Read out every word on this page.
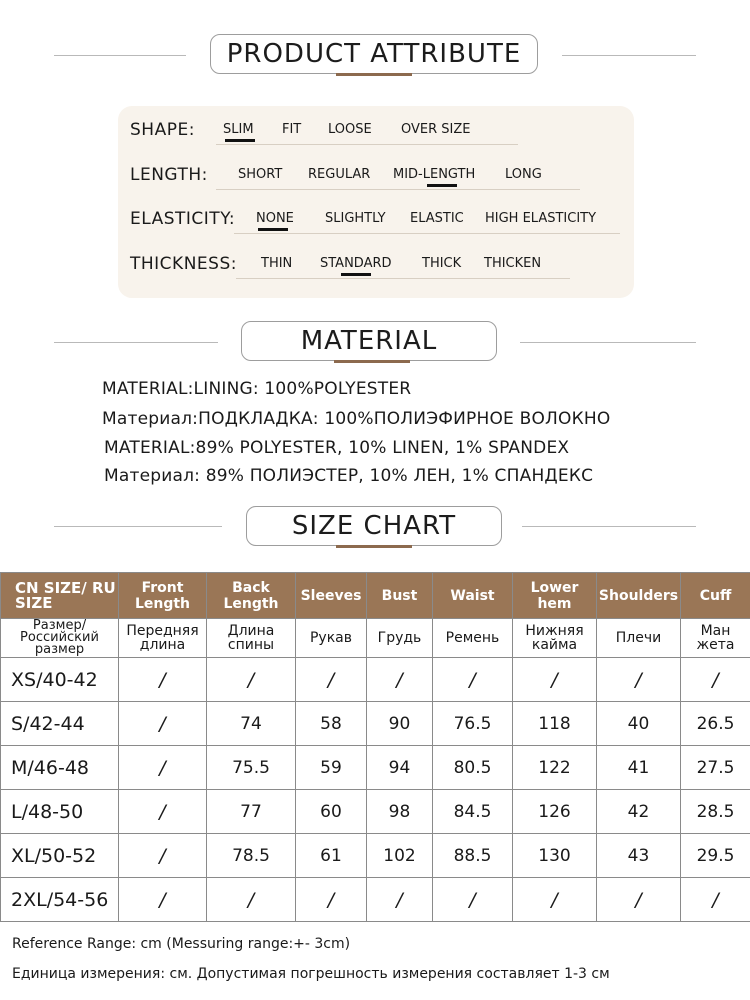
PRODUCT ATTRIBUTE
SHAPE: SLIM FIT LOOSE OVER SIZE
LENGTH: SHORT REGULAR MID-LENGTH LONG
ELASTICITY: NONE SLIGHTLY ELASTIC HIGH ELASTICITY
THICKNESS: THIN STANDARD THICK THICKEN
MATERIAL
MATERIAL:LINING: 100%POLYESTER
Материал:ПОДКЛАДКА: 100%ПОЛИЭФИРНОЕ ВОЛОКНО
MATERIAL:89% POLYESTER, 10% LINEN, 1% SPANDEX
Материал: 89% ПОЛИЭСТЕР, 10% ЛЕН, 1% СПАНДЕКС
SIZE CHART
CN SIZE/ RU SIZE	Front Length	Back Length	Sleeves	Bust	Waist	Lower hem	Shoulders	Cuff
Размер/ Российский размер	Передняя длина	Длина спины	Рукав	Грудь	Ремень	Нижняя кайма	Плечи	Ман жета
XS/40-42	/	/	/	/	/	/	/	/
S/42-44	/	74	58	90	76.5	118	40	26.5
M/46-48	/	75.5	59	94	80.5	122	41	27.5
L/48-50	/	77	60	98	84.5	126	42	28.5
XL/50-52	/	78.5	61	102	88.5	130	43	29.5
2XL/54-56	/	/	/	/	/	/	/	/
Reference Range: cm (Messuring range:+- 3cm)
Единица измерения: см. Допустимая погрешность измерения составляет 1-3 см
